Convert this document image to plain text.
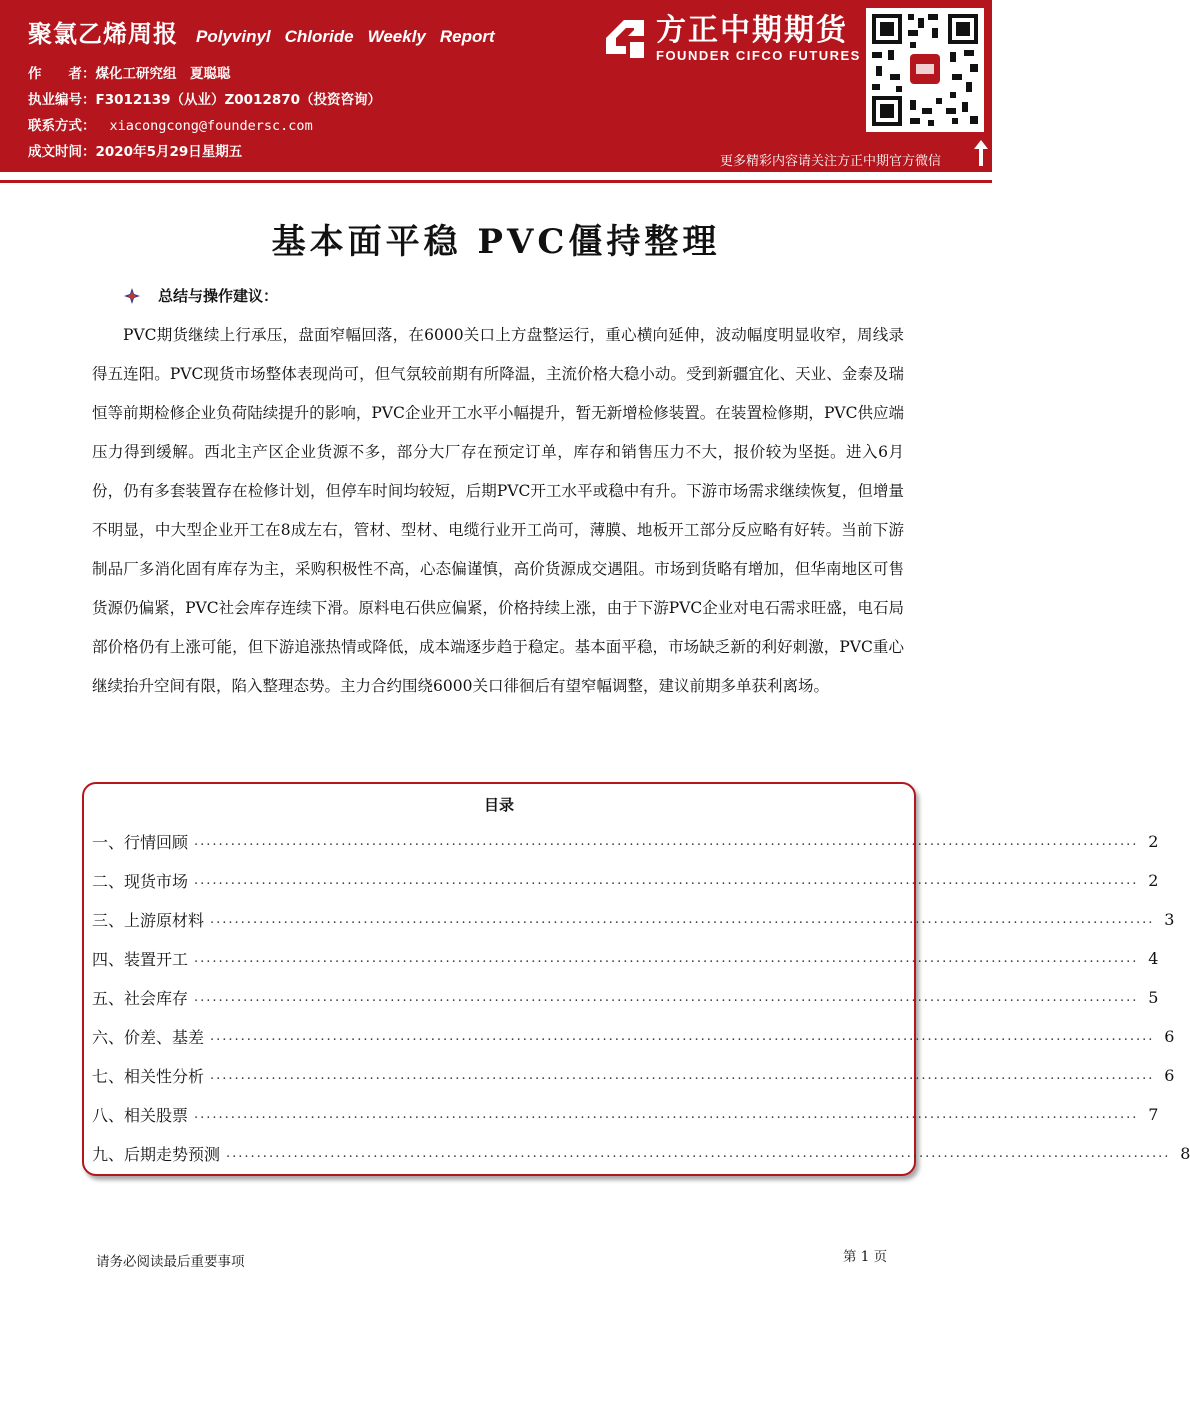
聚氯乙烯周报 Polyvinyl Chloride Weekly Report
作　　者：煤化工研究组　夏聪聪
执业编号：F3012139（从业）Z0012870（投资咨询）
联系方式： xiacongcong@foundersc.com
成文时间：2020年5月29日星期五
方正中期期货
FOUNDER CIFCO FUTURES
更多精彩内容请关注方正中期官方微信
基本面平稳 PVC僵持整理
总结与操作建议：
PVC期货继续上行承压，盘面窄幅回落，在6000关口上方盘整运行，重心横向延伸，波动幅度明显收窄，周线录得五连阳。PVC现货市场整体表现尚可，但气氛较前期有所降温，主流价格大稳小动。受到新疆宜化、天业、金泰及瑞恒等前期检修企业负荷陆续提升的影响，PVC企业开工水平小幅提升，暂无新增检修装置。在装置检修期，PVC供应端压力得到缓解。西北主产区企业货源不多，部分大厂存在预定订单，库存和销售压力不大，报价较为坚挺。进入6月份，仍有多套装置存在检修计划，但停车时间均较短，后期PVC开工水平或稳中有升。下游市场需求继续恢复，但增量不明显，中大型企业开工在8成左右，管材、型材、电缆行业开工尚可，薄膜、地板开工部分反应略有好转。当前下游制品厂多消化固有库存为主，采购积极性不高，心态偏谨慎，高价货源成交遇阻。市场到货略有增加，但华南地区可售货源仍偏紧，PVC社会库存连续下滑。原料电石供应偏紧，价格持续上涨，由于下游PVC企业对电石需求旺盛，电石局部价格仍有上涨可能，但下游追涨热情或降低，成本端逐步趋于稳定。基本面平稳，市场缺乏新的利好刺激，PVC重心继续抬升空间有限，陷入整理态势。主力合约围绕6000关口徘徊后有望窄幅调整，建议前期多单获利离场。
目录
一、行情回顾 .......................................................................................................................................................... 2
二、现货市场 .......................................................................................................................................................... 2
三、上游原材料 .......................................................................................................................................................... 3
四、装置开工 .......................................................................................................................................................... 4
五、社会库存 .......................................................................................................................................................... 5
六、价差、基差 .......................................................................................................................................................... 6
七、相关性分析 .......................................................................................................................................................... 6
八、相关股票 .......................................................................................................................................................... 7
九、后期走势预测 .......................................................................................................................................................... 8
请务必阅读最后重要事项	第 1 页
